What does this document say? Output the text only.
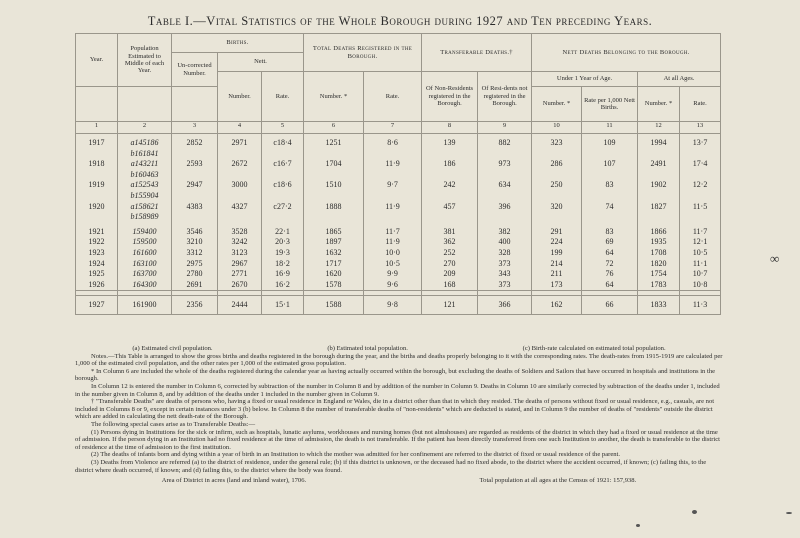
Table I.—Vital Statistics of the Whole Borough during 1927 and Ten preceding Years.
Year.	Population Estimated to Middle of each Year.	Births.			Total Deaths Registered in the Borough.		Transferable Deaths.†		Nett Deaths Belonging to the Borough.			
		Un-corrected Number.	Nett.									
			Number.	Rate.	Number. *	Rate.	Of Non-Residents registered in the Borough.	Of Resi-dents not registered in the Borough.	Under 1 Year of Age.		At all Ages.	
									Number. *	Rate per 1,000 Nett Births.	Number. *	Rate.
1	2	3	4	5	6	7	8	9	10	11	12	13

1917	a145186	2852	2971	c18·4	1251	8·6	139	882	323	109	1994	13·7
	b161841											
1918	a143211	2593	2672	c16·7	1704	11·9	186	973	286	107	2491	17·4
	b160463											
1919	a152543	2947	3000	c18·6	1510	9·7	242	634	250	83	1902	12·2
	b155904											
1920	a158621	4383	4327	c27·2	1888	11·9	457	396	320	74	1827	11·5
	b158989											

1921	159400	3546	3528	22·1	1865	11·7	381	382	291	83	1866	11·7
1922	159500	3210	3242	20·3	1897	11·9	362	400	224	69	1935	12·1
1923	161600	3312	3123	19·3	1632	10·0	252	328	199	64	1708	10·5
1924	163100	2975	2967	18·2	1717	10·5	270	373	214	72	1820	11·1
1925	163700	2780	2771	16·9	1620	9·9	209	343	211	76	1754	10·7
1926	164300	2691	2670	16·2	1578	9·6	168	373	173	64	1783	10·8

1927	161900	2356	2444	15·1	1588	9·8	121	366	162	66	1833	11·3
∞
(a) Estimated civil population.	(b) Estimated total population.	(c) Birth-rate calculated on estimated total population.

Notes.—This Table is arranged to show the gross births and deaths registered in the borough during the year, and the births and deaths properly belonging to it with the corresponding rates. The death-rates from 1915-1919 are calculated per 1,000 of the estimated civil population, and the other rates per 1,000 of the estimated gross population.

* In Column 6 are included the whole of the deaths registered during the calendar year as having actually occurred within the borough, but excluding the deaths of Soldiers and Sailors that have occurred in hospitals and institutions in the borough.

In Column 12 is entered the number in Column 6, corrected by subtraction of the number in Column 8 and by addition of the number in Column 9. Deaths in Column 10 are similarly corrected by subtraction of the deaths under 1, included in the number given in Column 8, and by addition of the deaths under 1 included in the number given in Column 9.

† "Transferable Deaths" are deaths of persons who, having a fixed or usual residence in England or Wales, die in a district other than that in which they resided. The deaths of persons without fixed or usual residence, e.g., casuals, are not included in Columns 8 or 9, except in certain instances under 3 (b) below. In Column 8 the number of transferable deaths of "non-residents" which are deducted is stated, and in Column 9 the number of deaths of "residents" outside the district which are added in calculating the nett death-rate of the Borough.

The following special cases arise as to Transferable Deaths:—

(1) Persons dying in Institutions for the sick or infirm, such as hospitals, lunatic asylums, workhouses and nursing homes (but not almshouses) are regarded as residents of the district in which they had a fixed or usual residence at the time of admission. If the person dying in an Institution had no fixed residence at the time of admission, the death is not transferable. If the patient has been directly transferred from one such Institution to another, the death is transferable to the district of residence at the time of admission to the first institution.

(2) The deaths of infants born and dying within a year of birth in an Institution to which the mother was admitted for her confinement are referred to the district of fixed or usual residence of the parent.

(3) Deaths from Violence are referred (a) to the district of residence, under the general rule; (b) if this district is unknown, or the deceased had no fixed abode, to the district where the accident occurred, if known; (c) failing this, to the district where death occurred, if known; and (d) failing this, to the district where the body was found.

Area of District in acres (land and inland water), 1706.	Total population at all ages at the Census of 1921: 157,938.
